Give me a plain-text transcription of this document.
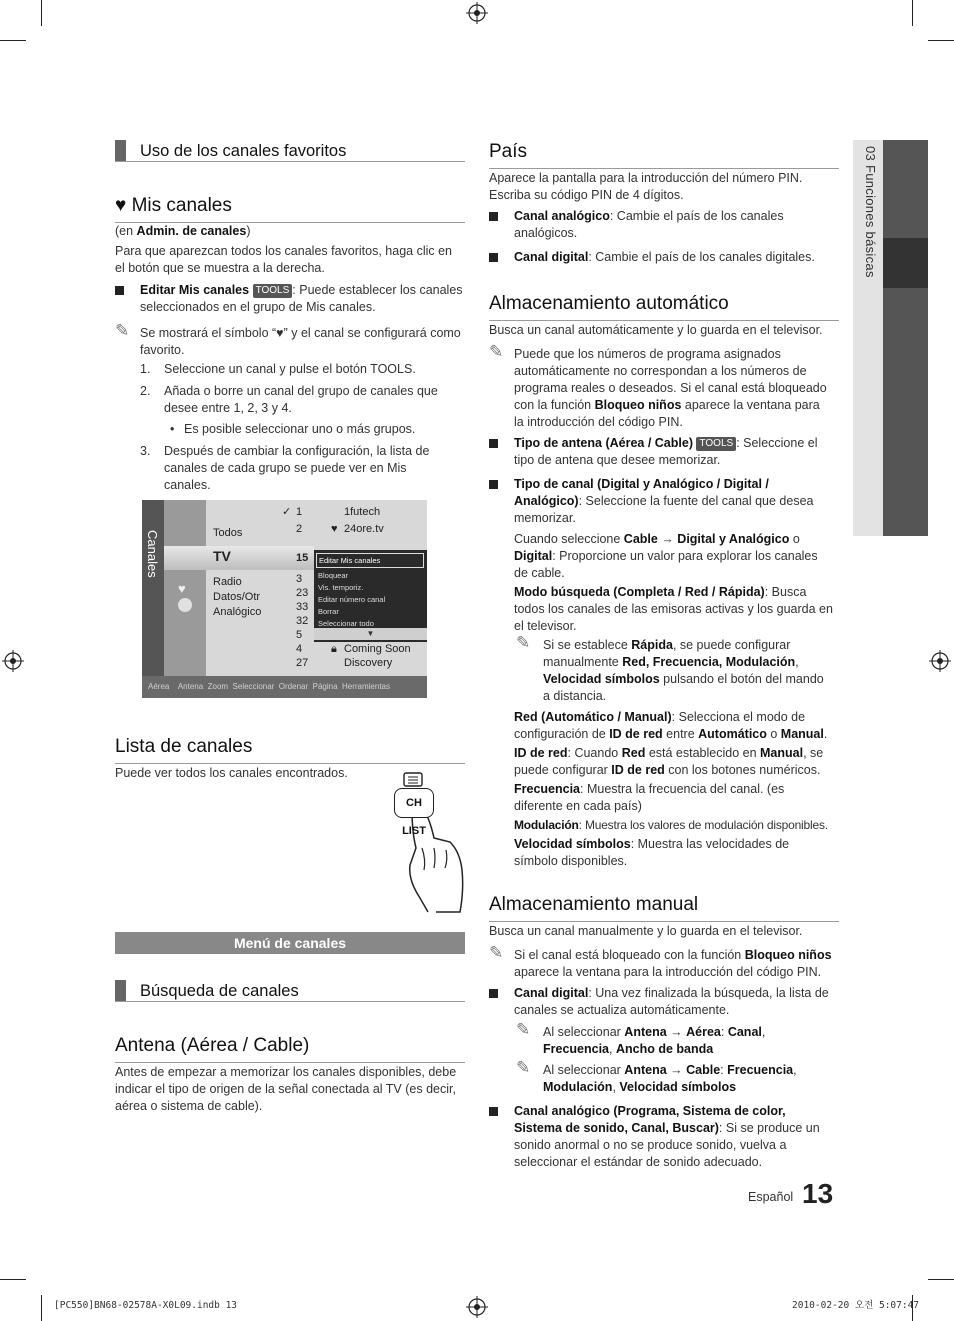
03 Funciones básicas
Uso de los canales favoritos
♥ Mis canales
(en Admin. de canales)
Para que aparezcan todos los canales favoritos, haga clic en el botón que se muestra a la derecha.
Editar Mis canales TOOLS : Puede establecer los canales seleccionados en el grupo de Mis canales.
✎ Se mostrará el símbolo “♥” y el canal se configurará como favorito.
1. Seleccione un canal y pulse el botón TOOLS.
2. Añada o borre un canal del grupo de canales que desee entre 1, 2, 3 y 4.
• Es posible seleccionar uno o más grupos.
3. Después de cambiar la configuración, la lista de canales de cada grupo se puede ver en Mis canales.
Canales
♥
Todos
TV
Radio
Datos/Otr
Analógico
✓ 1
2
15
3
23
33
32
5
4
27
1futech
♥ 24ore.tv
🔒︎ Coming Soon
Discovery
Editar Mis canales
Bloquear
Vis. temporiz.
Editar número canal
Borrar
Seleccionar todo
▼
Aérea Antena Zoom Seleccionar Ordenar Página Herramientas
Lista de canales
Puede ver todos los canales encontrados.
CH LIST
Menú de canales
Búsqueda de canales
Antena (Aérea / Cable)
Antes de empezar a memorizar los canales disponibles, debe indicar el tipo de origen de la señal conectada al TV (es decir, aérea o sistema de cable).
País
Aparece la pantalla para la introducción del número PIN. Escriba su código PIN de 4 dígitos.
Canal analógico: Cambie el país de los canales analógicos.
Canal digital: Cambie el país de los canales digitales.
Almacenamiento automático
Busca un canal automáticamente y lo guarda en el televisor.
✎ Puede que los números de programa asignados automáticamente no correspondan a los números de programa reales o deseados. Si el canal está bloqueado con la función Bloqueo niños aparece la ventana para la introducción del código PIN.
Tipo de antena (Aérea / Cable) TOOLS : Seleccione el tipo de antena que desee memorizar.
Tipo de canal (Digital y Analógico / Digital / Analógico): Seleccione la fuente del canal que desea memorizar.
Cuando seleccione Cable → Digital y Analógico o Digital: Proporcione un valor para explorar los canales de cable.
Modo búsqueda (Completa / Red / Rápida): Busca todos los canales de las emisoras activas y los guarda en el televisor.
✎ Si se establece Rápida, se puede configurar manualmente Red, Frecuencia, Modulación, Velocidad símbolos pulsando el botón del mando a distancia.
Red (Automático / Manual): Selecciona el modo de configuración de ID de red entre Automático o Manual.
ID de red: Cuando Red está establecido en Manual, se puede configurar ID de red con los botones numéricos.
Frecuencia: Muestra la frecuencia del canal. (es diferente en cada país)
Modulación: Muestra los valores de modulación disponibles.
Velocidad símbolos: Muestra las velocidades de símbolo disponibles.
Almacenamiento manual
Busca un canal manualmente y lo guarda en el televisor.
✎ Si el canal está bloqueado con la función Bloqueo niños aparece la ventana para la introducción del código PIN.
Canal digital: Una vez finalizada la búsqueda, la lista de canales se actualiza automáticamente.
✎ Al seleccionar Antena → Aérea: Canal, Frecuencia, Ancho de banda
✎ Al seleccionar Antena → Cable: Frecuencia, Modulación, Velocidad símbolos
Canal analógico (Programa, Sistema de color, Sistema de sonido, Canal, Buscar): Si se produce un sonido anormal o no se produce sonido, vuelva a seleccionar el estándar de sonido adecuado.
Español 13
[PC550]BN68-02578A-X0L09.indb 13	2010-02-20 오전 5:07:47
